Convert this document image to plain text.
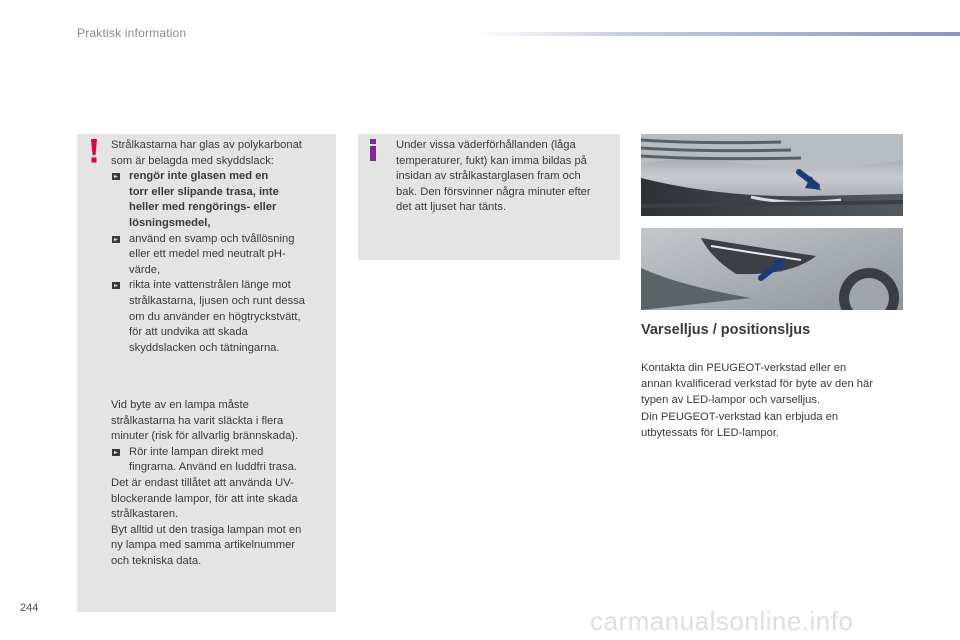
Praktisk information
Strålkastarna har glas av polykarbonat
som är belagda med skyddslack:
rengör inte glasen med en
torr eller slipande trasa, inte
heller med rengörings- eller
lösningsmedel,
använd en svamp och tvållösning
eller ett medel med neutralt pH-
värde,
rikta inte vattenstrålen länge mot
strålkastarna, ljusen och runt dessa
om du använder en högtryckstvätt,
för att undvika att skada
skyddslacken och tätningarna.
Vid byte av en lampa måste
strålkastarna ha varit släckta i flera
minuter (risk för allvarlig brännskada).
Rör inte lampan direkt med
fingrarna. Använd en luddfri trasa.
Det är endast tillåtet att använda UV-
blockerande lampor, för att inte skada
strålkastaren.
Byt alltid ut den trasiga lampan mot en
ny lampa med samma artikelnummer
och tekniska data.
Under vissa väderförhållanden (låga
temperaturer, fukt) kan imma bildas på
insidan av strålkastarglasen fram och
bak. Den försvinner några minuter efter
det att ljuset har tänts.
Varselljus / positionsljus
Kontakta din PEUGEOT-verkstad eller en
annan kvalificerad verkstad för byte av den här
typen av LED-lampor och varselljus.
Din PEUGEOT-verkstad kan erbjuda en
utbytessats för LED-lampor.
244	carmanualsonline.info
